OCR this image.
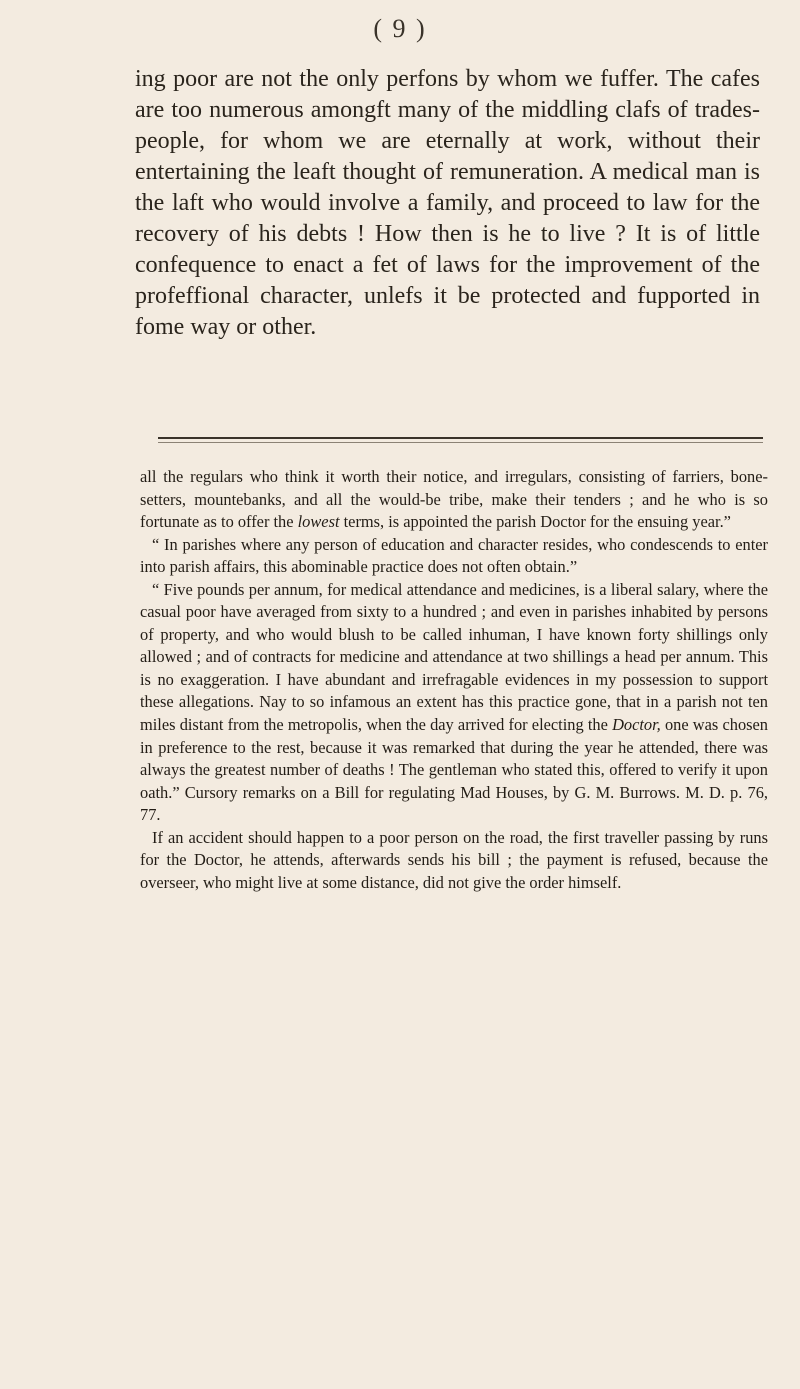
( 9 )

ing poor are not the only perfons by whom we fuffer. The cafes are too numerous amongft many of the middling clafs of trades-people, for whom we are eternally at work, without their entertaining the leaft thought of remuneration. A medical man is the laft who would involve a family, and proceed to law for the recovery of his debts ! How then is he to live ? It is of little confequence to enact a fet of laws for the improvement of the profeffional character, unlefs it be protected and fupported in fome way or other.

all the regulars who think it worth their notice, and irregulars, consisting of farriers, bone-setters, mountebanks, and all the would-be tribe, make their tenders ; and he who is so fortunate as to offer the lowest terms, is appointed the parish Doctor for the ensuing year.”

“ In parishes where any person of education and character resides, who condescends to enter into parish affairs, this abominable practice does not often obtain.”

“ Five pounds per annum, for medical attendance and medicines, is a liberal salary, where the casual poor have averaged from sixty to a hundred ; and even in parishes inhabited by persons of property, and who would blush to be called inhuman, I have known forty shillings only allowed ; and of contracts for medicine and attendance at two shillings a head per annum. This is no exaggeration. I have abundant and irrefragable evidences in my possession to support these allegations. Nay to so infamous an extent has this practice gone, that in a parish not ten miles distant from the metropolis, when the day arrived for electing the Doctor, one was chosen in preference to the rest, because it was remarked that during the year he attended, there was always the greatest number of deaths ! The gentleman who stated this, offered to verify it upon oath.” Cursory remarks on a Bill for regulating Mad Houses, by G. M. Burrows. M. D. p. 76, 77.

If an accident should happen to a poor person on the road, the first traveller passing by runs for the Doctor, he attends, afterwards sends his bill ; the payment is refused, because the overseer, who might live at some distance, did not give the order himself.
